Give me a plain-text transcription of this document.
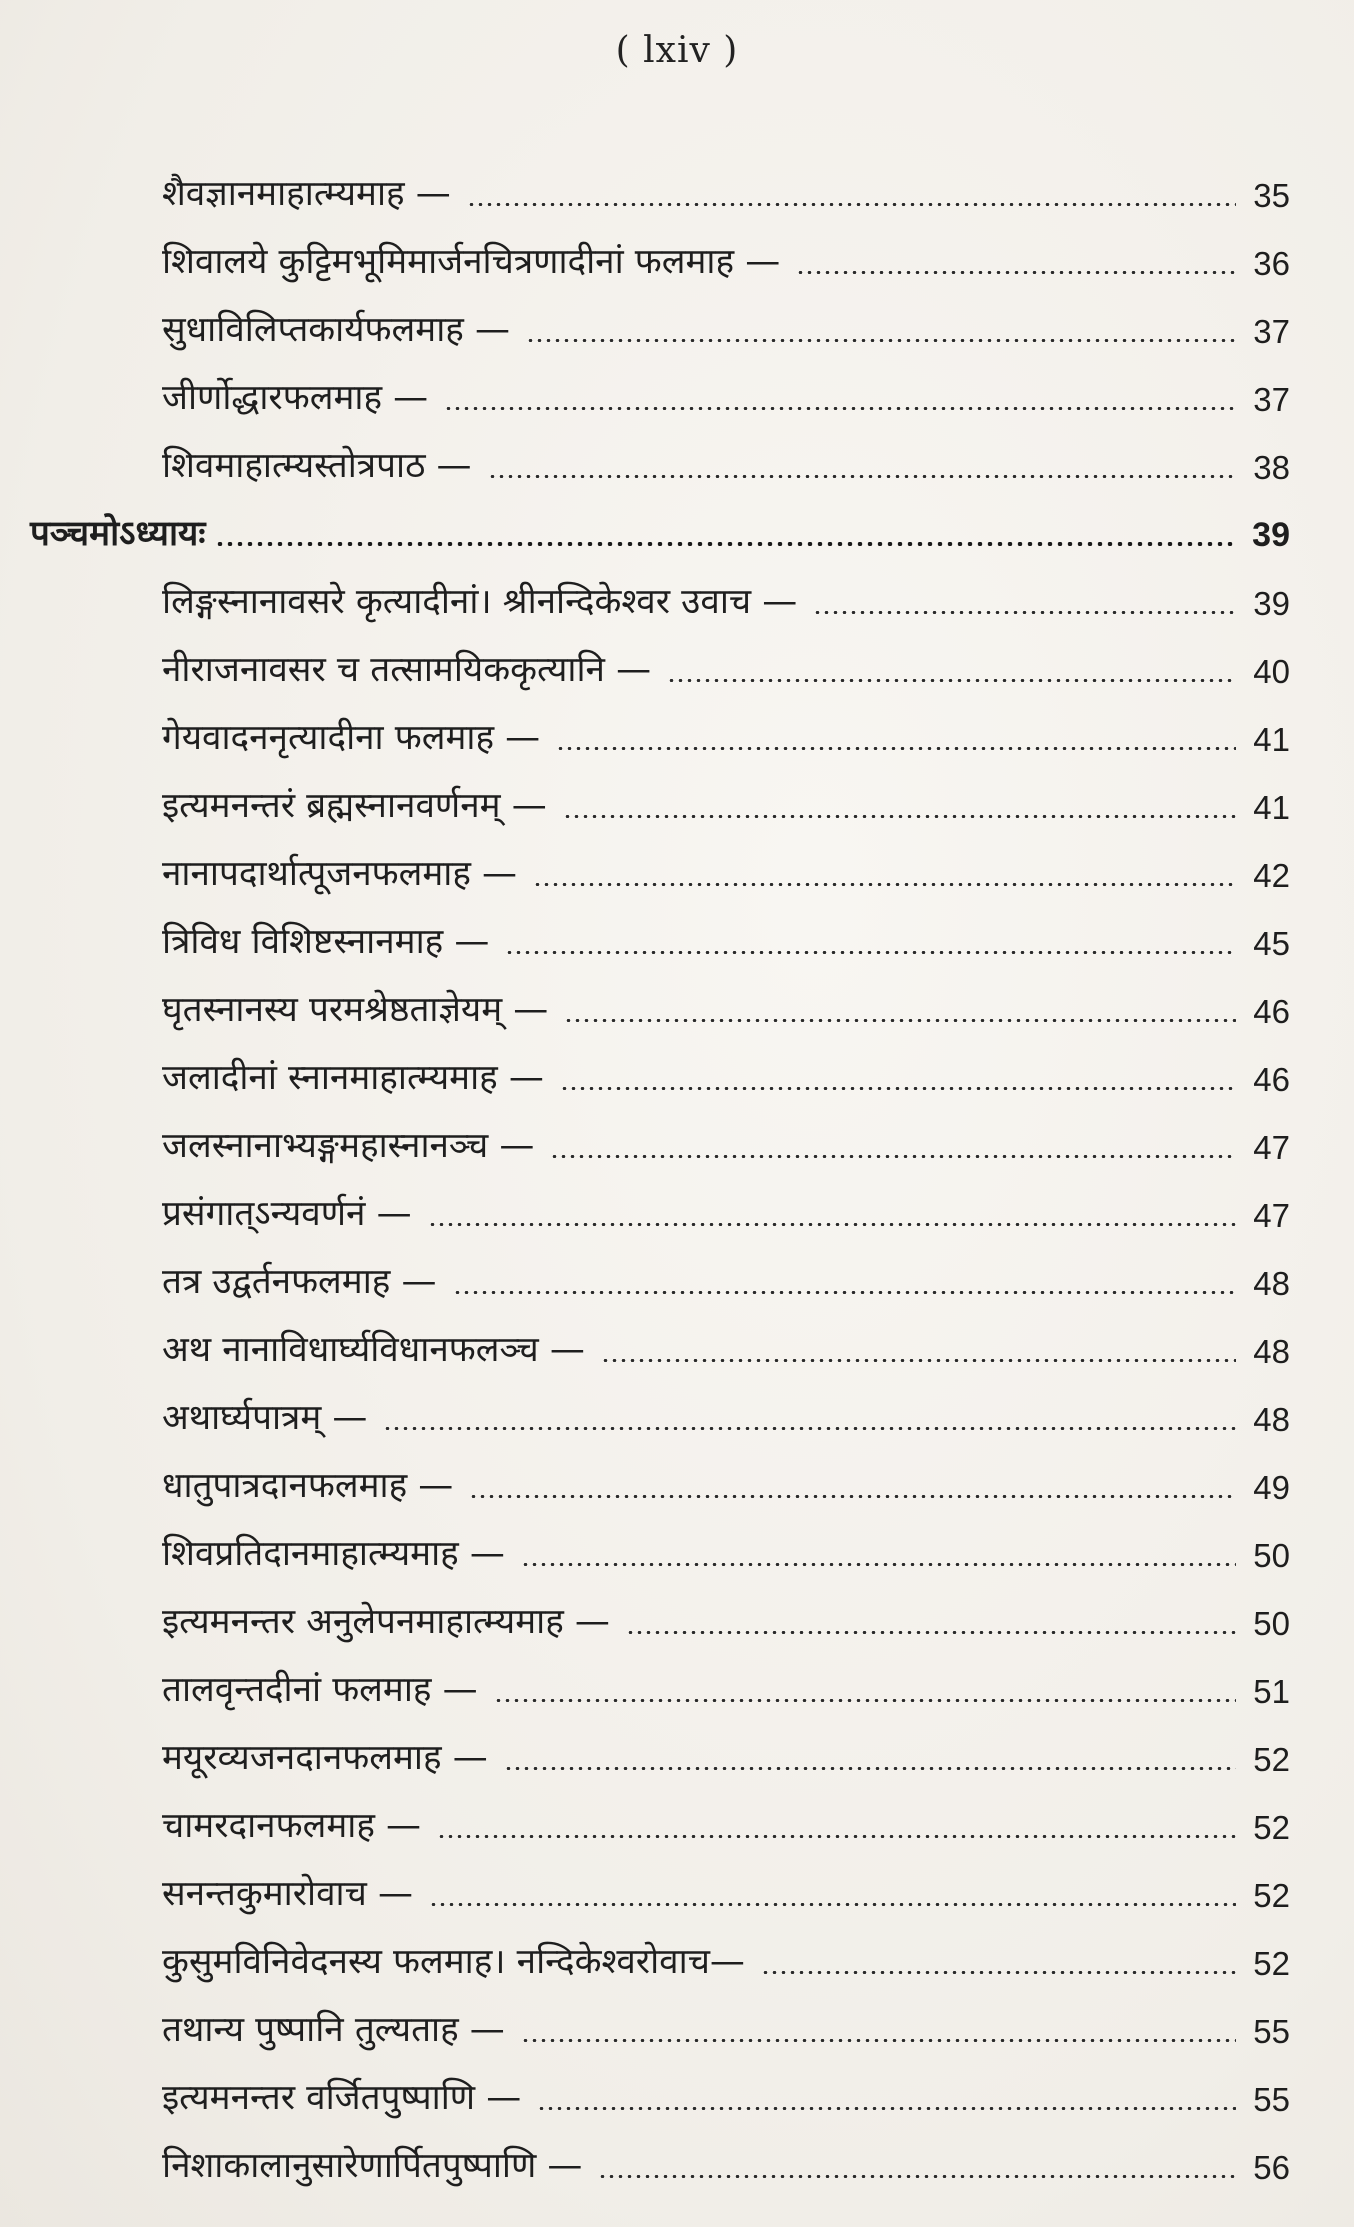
( lxiv )
शैवज्ञानमाहात्म्यमाह —	35
शिवालये कुट्टिमभूमिमार्जनचित्रणादीनां फलमाह —	36
सुधाविलिप्तकार्यफलमाह —	37
जीर्णोद्धारफलमाह —	37
शिवमाहात्म्यस्तोत्रपाठ —	38
पञ्चमोऽध्यायः	39
लिङ्गस्नानावसरे कृत्यादीनां। श्रीनन्दिकेश्वर उवाच —	39
नीराजनावसर च तत्सामयिककृत्यानि —	40
गेयवादननृत्यादीना फलमाह —	41
इत्यमनन्तरं ब्रह्मस्नानवर्णनम् —	41
नानापदार्थात्पूजनफलमाह —	42
त्रिविध विशिष्टस्नानमाह —	45
घृतस्नानस्य परमश्रेष्ठताज्ञेयम् —	46
जलादीनां स्नानमाहात्म्यमाह —	46
जलस्नानाभ्यङ्गमहास्नानञ्च —	47
प्रसंगात्ऽन्यवर्णनं —	47
तत्र उद्वर्तनफलमाह —	48
अथ नानाविधार्घ्यविधानफलञ्च —	48
अथार्घ्यपात्रम् —	48
धातुपात्रदानफलमाह —	49
शिवप्रतिदानमाहात्म्यमाह —	50
इत्यमनन्तर अनुलेपनमाहात्म्यमाह —	50
तालवृन्तदीनां फलमाह —	51
मयूरव्यजनदानफलमाह —	52
चामरदानफलमाह —	52
सनन्तकुमारोवाच —	52
कुसुमविनिवेदनस्य फलमाह। नन्दिकेश्वरोवाच—	52
तथान्य पुष्पानि तुल्यताह —	55
इत्यमनन्तर वर्जितपुष्पाणि —	55
निशाकालानुसारेणार्पितपुष्पाणि —	56
